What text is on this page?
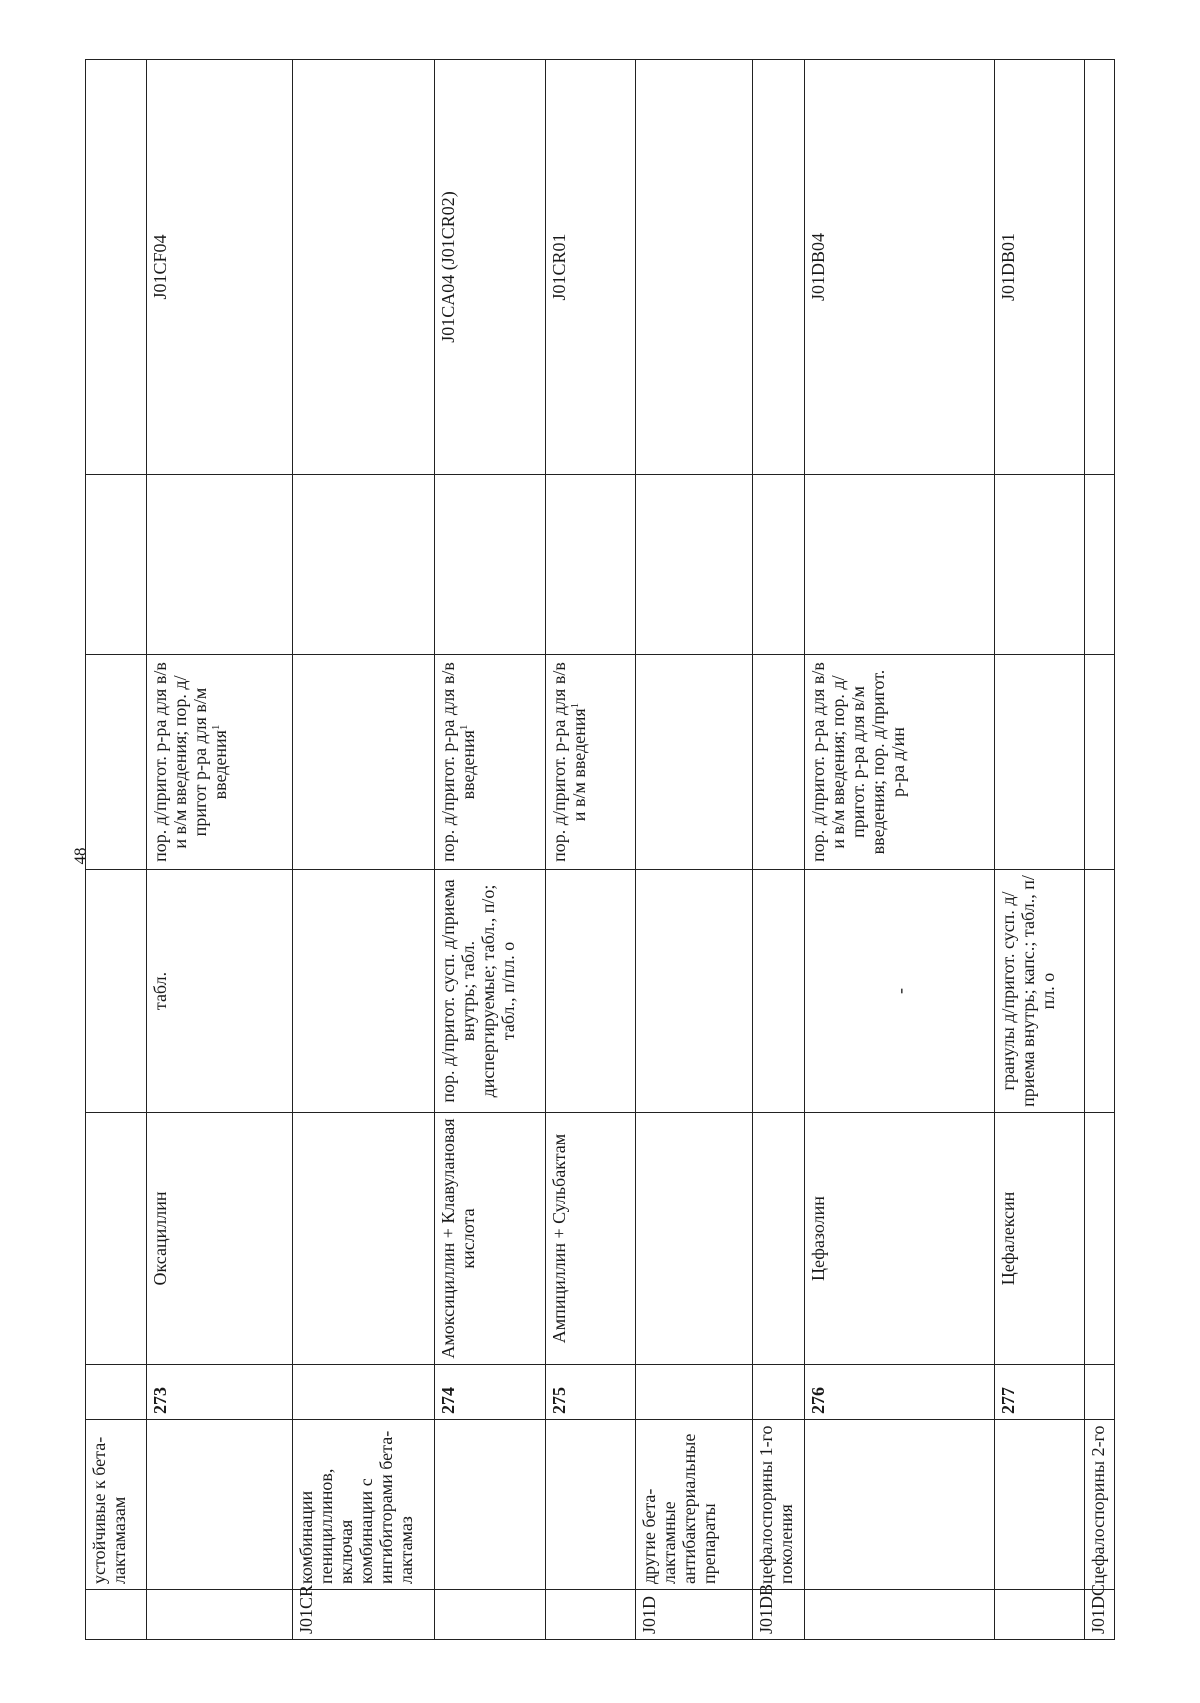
48
	устойчивые к бета-лактамазам						
		273	Оксациллин	табл.	пор. д/пригот. р-ра для в/в и в/м введения; пор. д/пригот р-ра для в/м введения$^1$		J01CF04
J01CR	комбинации пенициллинов, включая комбинации с ингибиторами бета-лактамаз						
		274	Амоксициллин + Клавулановая кислота	пор. д/пригот. сусп. д/приема внутрь; табл. диспергируемые; табл., п/о; табл., п/пл. о	пор. д/пригот. р-ра для в/в введения$^1$		J01CA04 (J01CR02)
		275	Ампициллин + Сульбактам		пор. д/пригот. р-ра для в/в и в/м введения$^1$		J01CR01
J01D	другие бета-лактамные антибактериальные препараты						
J01DB	цефалоспорины 1-го поколения						
		276	Цефазолин	-	пор. д/пригот. р-ра для в/в и в/м введения; пор. д/пригот. р-ра для в/м введения; пор. д/пригот. р-ра д/ин		J01DB04
		277	Цефалексин	гранулы д/пригот. сусп. д/приема внутрь; капс.; табл., п/пл. о			J01DB01
J01DC	цефалоспорины 2-го						
